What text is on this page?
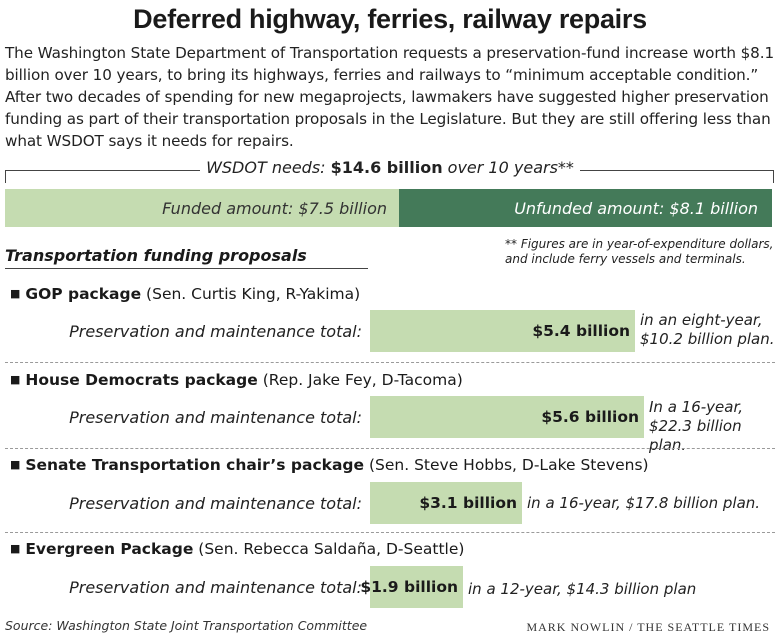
Deferred highway, ferries, railway repairs
The Washington State Department of Transportation requests a preservation-fund increase worth $8.1 billion over 10 years, to bring its highways, ferries and railways to “minimum acceptable condition.” After two decades of spending for new megaprojects, lawmakers have suggested higher preservation funding as part of their transportation proposals in the Legislature. But they are still offering less than what WSDOT says it needs for repairs.
WSDOT needs: $14.6 billion over 10 years**
Funded amount: $7.5 billion	Unfunded amount: $8.1 billion
Transportation funding proposals
** Figures are in year-of-expenditure dollars,
and include ferry vessels and terminals.
■ GOP package (Sen. Curtis King, R-Yakima)
Preservation and maintenance total:	$5.4 billion
in an eight-year,
$10.2 billion plan.
■ House Democrats package (Rep. Jake Fey, D-Tacoma)
Preservation and maintenance total:	$5.6 billion
In a 16-year,
$22.3 billion plan.
■ Senate Transportation chair’s package (Sen. Steve Hobbs, D-Lake Stevens)
Preservation and maintenance total:	$3.1 billion in a 16-year, $17.8 billion plan.
■ Evergreen Package (Sen. Rebecca Saldaña, D-Seattle)
Preservation and maintenance total:
$1.9 billion in a 12-year, $14.3 billion plan
Source: Washington State Joint Transportation Committee	MARK NOWLIN / THE SEATTLE TIMES
